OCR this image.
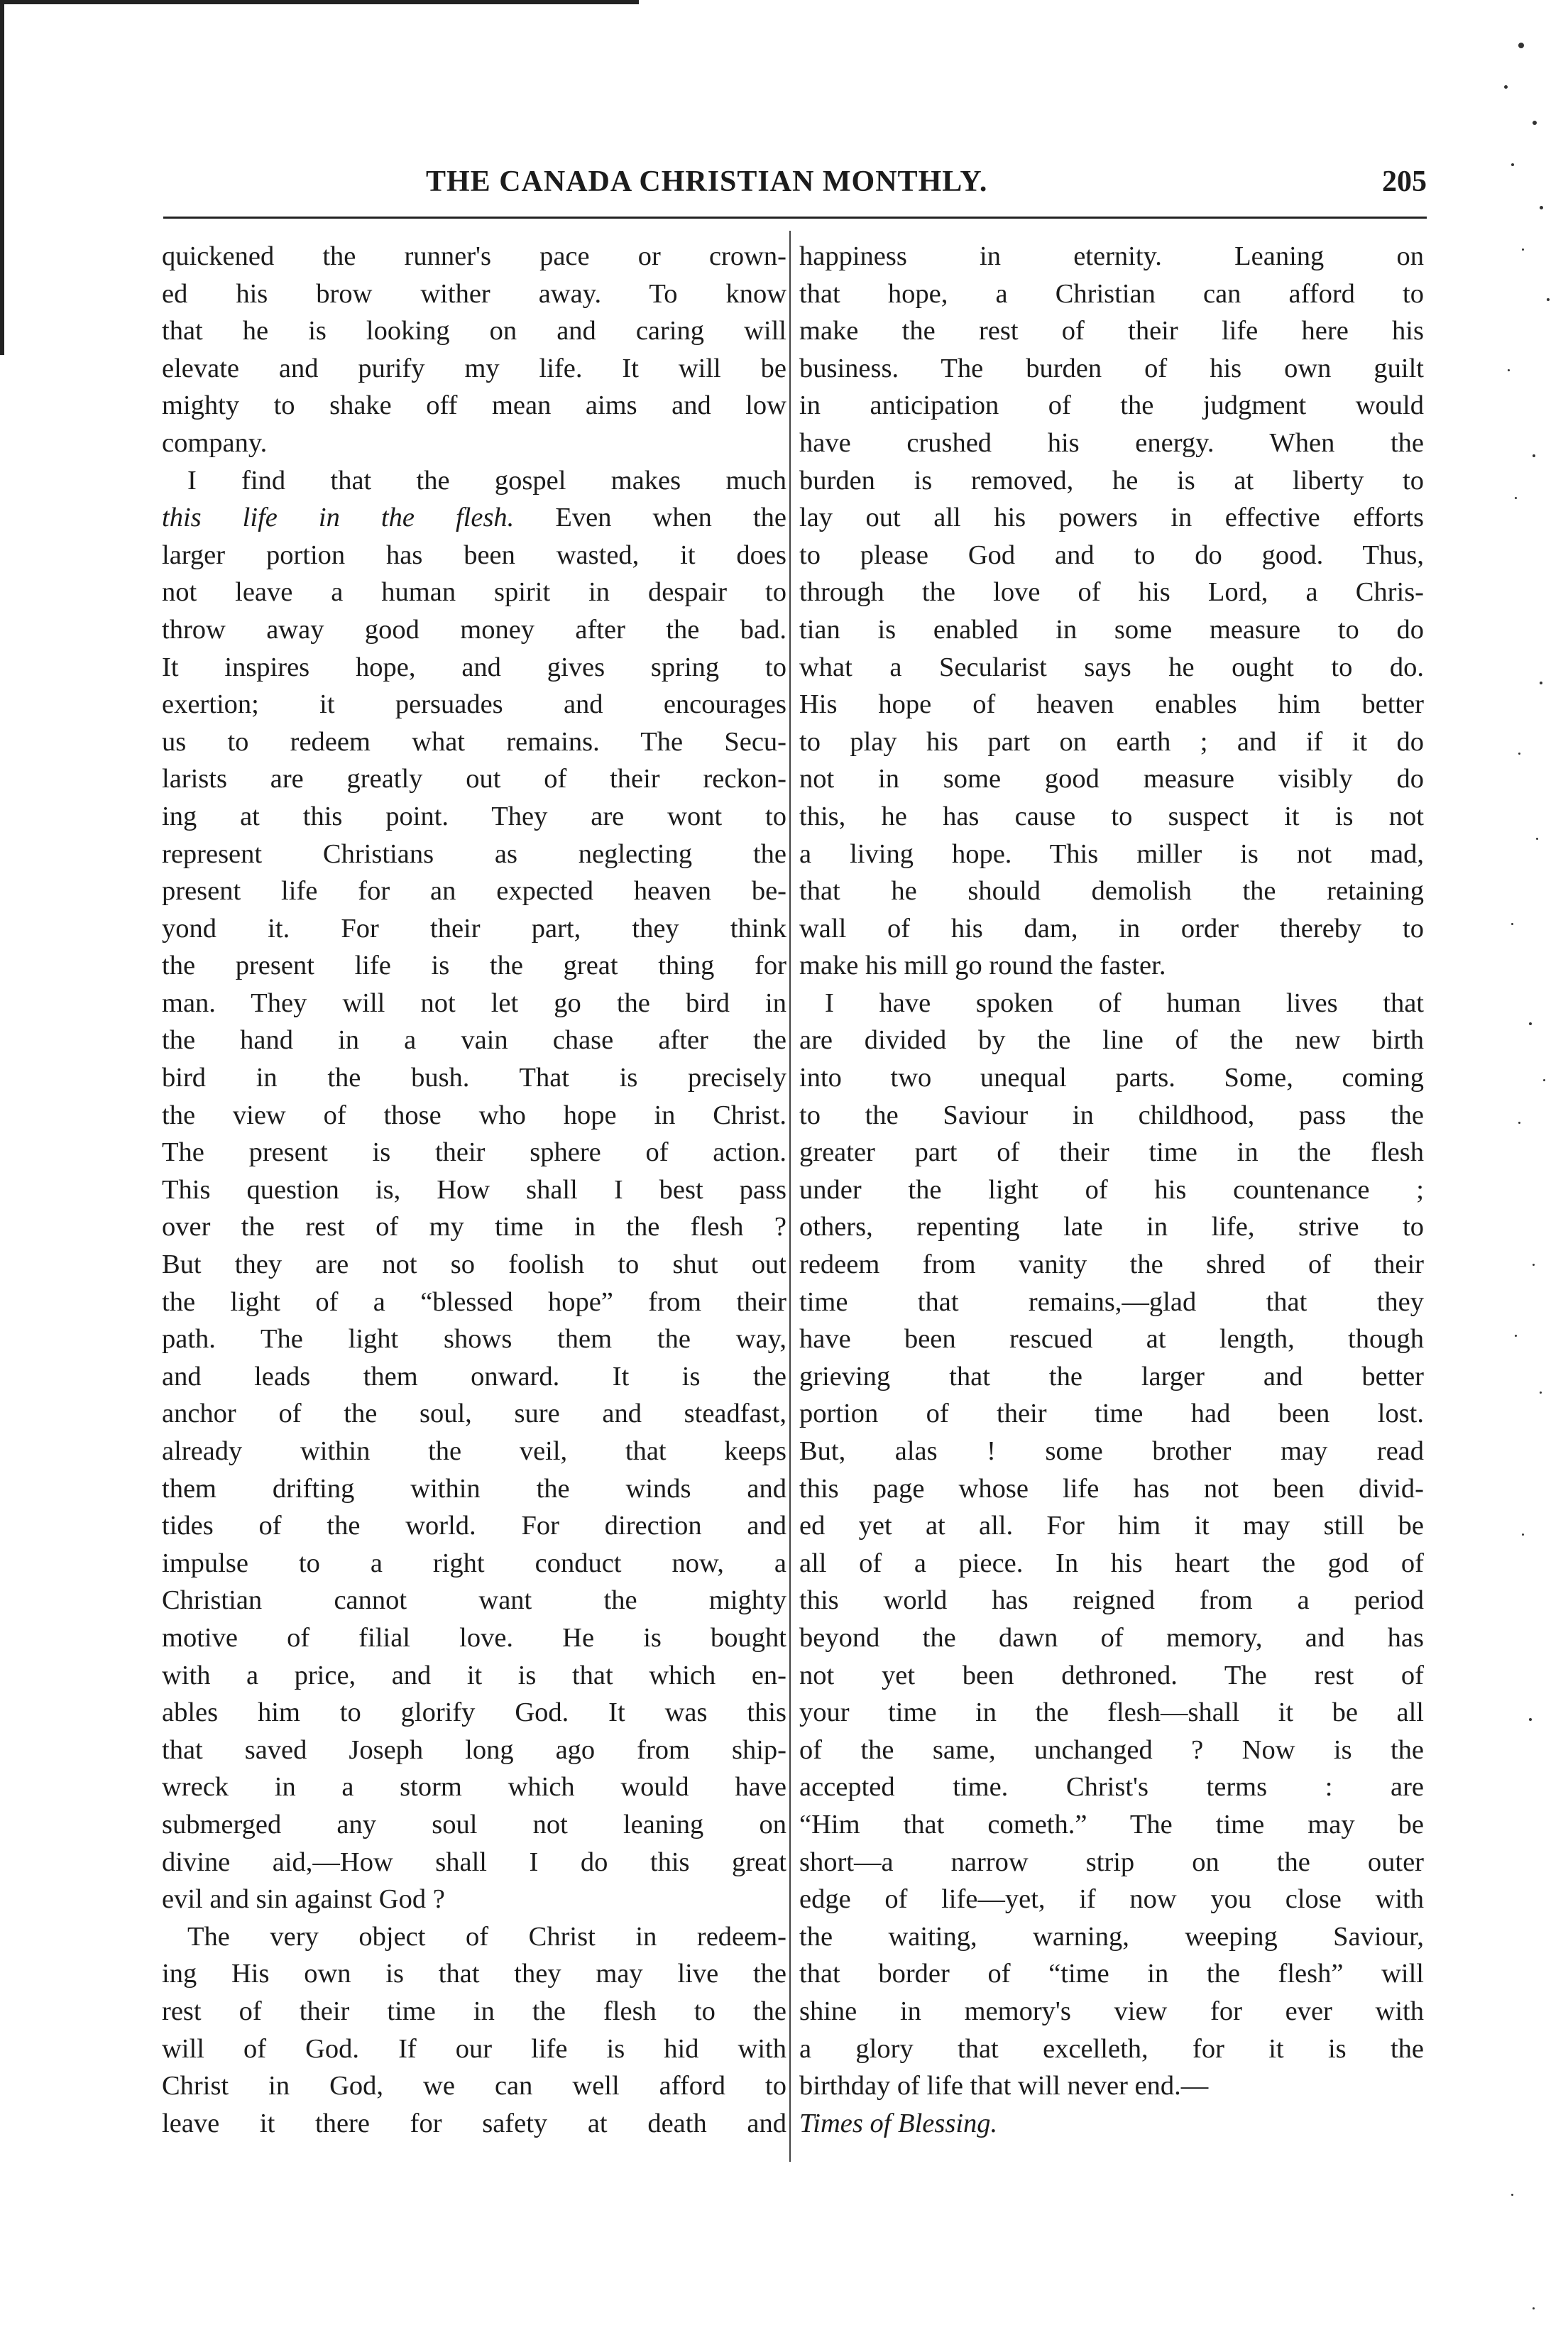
THE CANADA CHRISTIAN MONTHLY.	205
quickened the runner's pace or crown-
ed his brow wither away. To know
that he is looking on and caring will
elevate and purify my life. It will be
mighty to shake off mean aims and low
company.
I find that the gospel makes much
this life in the flesh. Even when the
larger portion has been wasted, it does
not leave a human spirit in despair to
throw away good money after the bad.
It inspires hope, and gives spring to
exertion; it persuades and encourages
us to redeem what remains. The Secu-
larists are greatly out of their reckon-
ing at this point. They are wont to
represent Christians as neglecting the
present life for an expected heaven be-
yond it. For their part, they think
the present life is the great thing for
man. They will not let go the bird in
the hand in a vain chase after the
bird in the bush. That is precisely
the view of those who hope in Christ.
The present is their sphere of action.
This question is, How shall I best pass
over the rest of my time in the flesh ?
But they are not so foolish to shut out
the light of a “blessed hope” from their
path. The light shows them the way,
and leads them onward. It is the
anchor of the soul, sure and steadfast,
already within the veil, that keeps
them drifting within the winds and
tides of the world. For direction and
impulse to a right conduct now, a
Christian cannot want the mighty
motive of filial love. He is bought
with a price, and it is that which en-
ables him to glorify God. It was this
that saved Joseph long ago from ship-
wreck in a storm which would have
submerged any soul not leaning on
divine aid,—How shall I do this great
evil and sin against God ?
The very object of Christ in redeem-
ing His own is that they may live the
rest of their time in the flesh to the
will of God. If our life is hid with
Christ in God, we can well afford to
leave it there for safety at death and
happiness in eternity. Leaning on
that hope, a Christian can afford to
make the rest of their life here his
business. The burden of his own guilt
in anticipation of the judgment would
have crushed his energy. When the
burden is removed, he is at liberty to
lay out all his powers in effective efforts
to please God and to do good. Thus,
through the love of his Lord, a Chris-
tian is enabled in some measure to do
what a Secularist says he ought to do.
His hope of heaven enables him better
to play his part on earth ; and if it do
not in some good measure visibly do
this, he has cause to suspect it is not
a living hope. This miller is not mad,
that he should demolish the retaining
wall of his dam, in order thereby to
make his mill go round the faster.
I have spoken of human lives that
are divided by the line of the new birth
into two unequal parts. Some, coming
to the Saviour in childhood, pass the
greater part of their time in the flesh
under the light of his countenance ;
others, repenting late in life, strive to
redeem from vanity the shred of their
time that remains,—glad that they
have been rescued at length, though
grieving that the larger and better
portion of their time had been lost.
But, alas ! some brother may read
this page whose life has not been divid-
ed yet at all. For him it may still be
all of a piece. In his heart the god of
this world has reigned from a period
beyond the dawn of memory, and has
not yet been dethroned. The rest of
your time in the flesh—shall it be all
of the same, unchanged ? Now is the
accepted time. Christ's terms : are
“Him that cometh.” The time may be
short—a narrow strip on the outer
edge of life—yet, if now you close with
the waiting, warning, weeping Saviour,
that border of “time in the flesh” will
shine in memory's view for ever with
a glory that excelleth, for it is the
birthday of life that will never end.—
Times of Blessing.
